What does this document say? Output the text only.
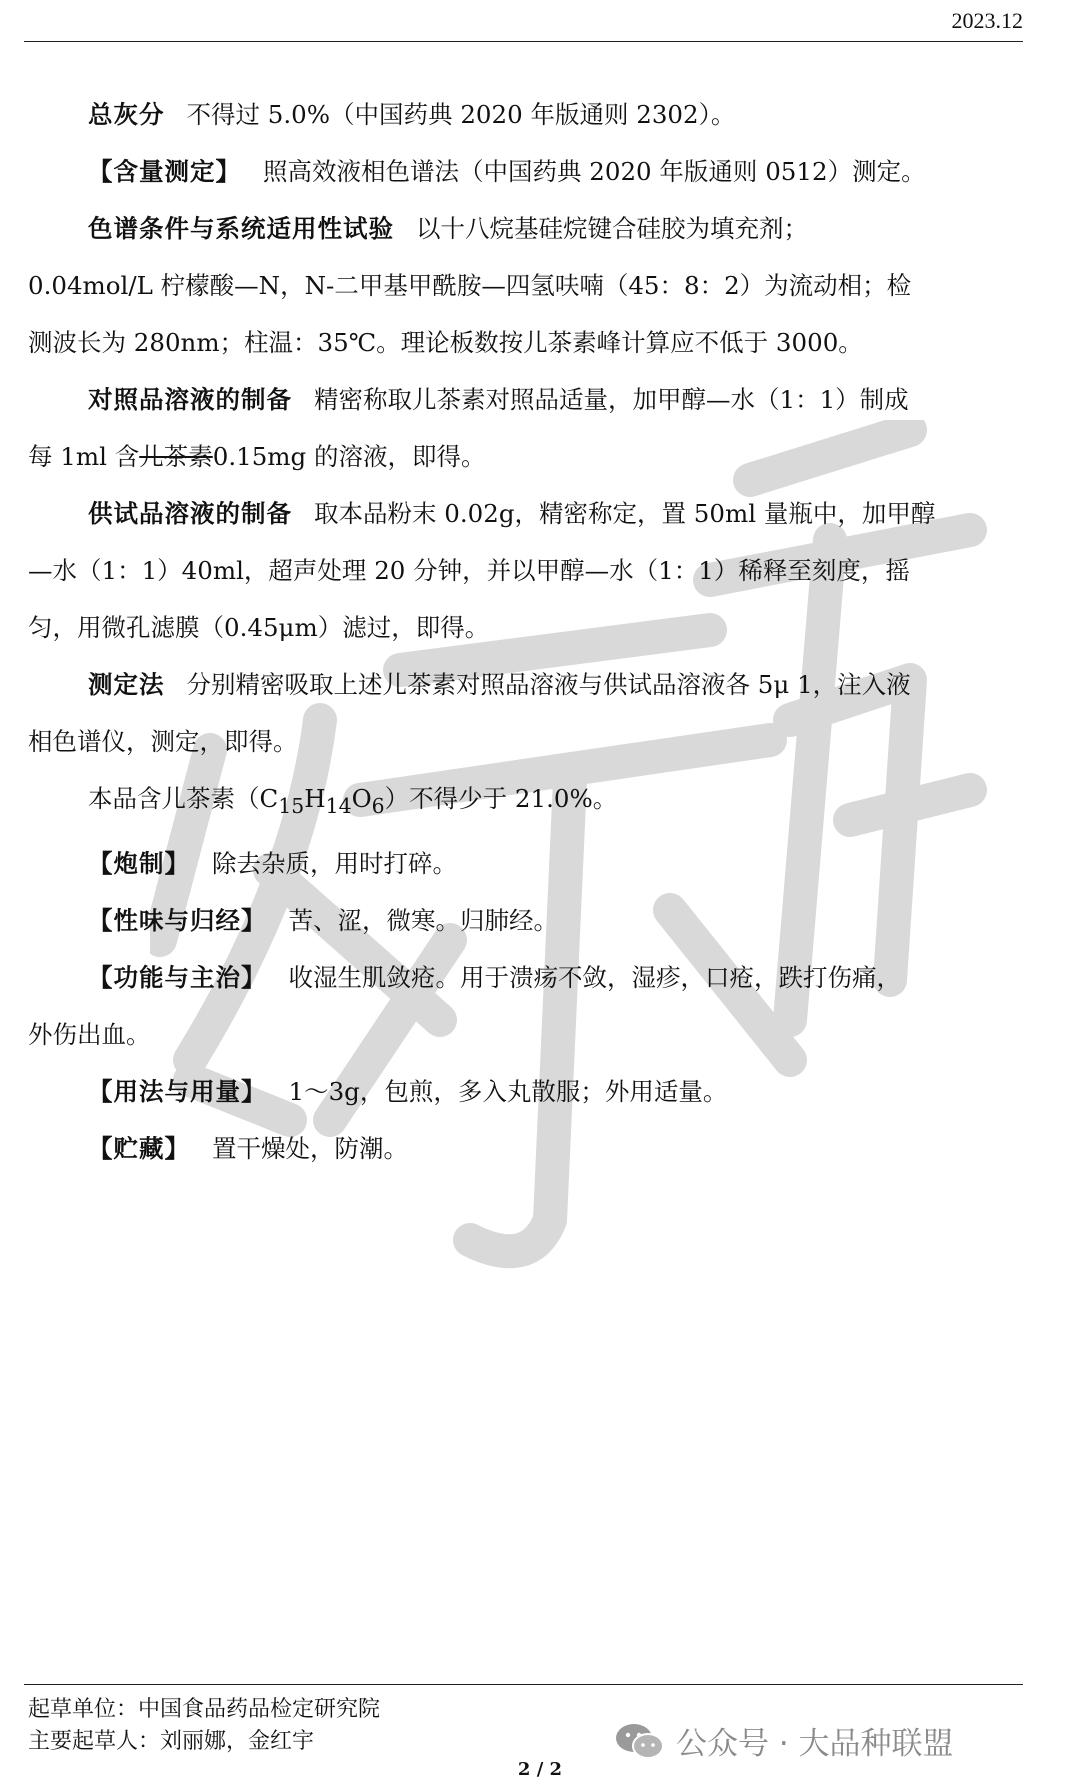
2023.12
总灰分 不得过 5.0%（中国药典 2020 年版通则 2302）。
【含量测定】 照高效液相色谱法（中国药典 2020 年版通则 0512）测定。
色谱条件与系统适用性试验 以十八烷基硅烷键合硅胶为填充剂；
0.04mol/L 柠檬酸—N，N-二甲基甲酰胺—四氢呋喃（45：8：2）为流动相；检
测波长为 280nm；柱温：35℃。理论板数按儿茶素峰计算应不低于 3000。
对照品溶液的制备 精密称取儿茶素对照品适量，加甲醇—水（1：1）制成
每 1ml 含儿茶素0.15mg 的溶液，即得。
供试品溶液的制备 取本品粉末 0.02g，精密称定，置 50ml 量瓶中，加甲醇
—水（1：1）40ml，超声处理 20 分钟，并以甲醇—水（1：1）稀释至刻度，摇
匀，用微孔滤膜（0.45μm）滤过，即得。
测定法 分别精密吸取上述儿茶素对照品溶液与供试品溶液各 5μ 1，注入液
相色谱仪，测定，即得。
本品含儿茶素$(C_{15}H_{14}O_6)$不得少于 21.0%。
【炮制】 除去杂质，用时打碎。
【性味与归经】 苦、涩，微寒。归肺经。
【功能与主治】 收湿生肌敛疮。用于溃疡不敛，湿疹，口疮，跌打伤痛，
外伤出血。
【用法与用量】 1～3g，包煎，多入丸散服；外用适量。
【贮藏】 置干燥处，防潮。
起草单位：中国食品药品检定研究院
主要起草人：刘丽娜，金红宇	公众号 · 大品种联盟
2 / 2
